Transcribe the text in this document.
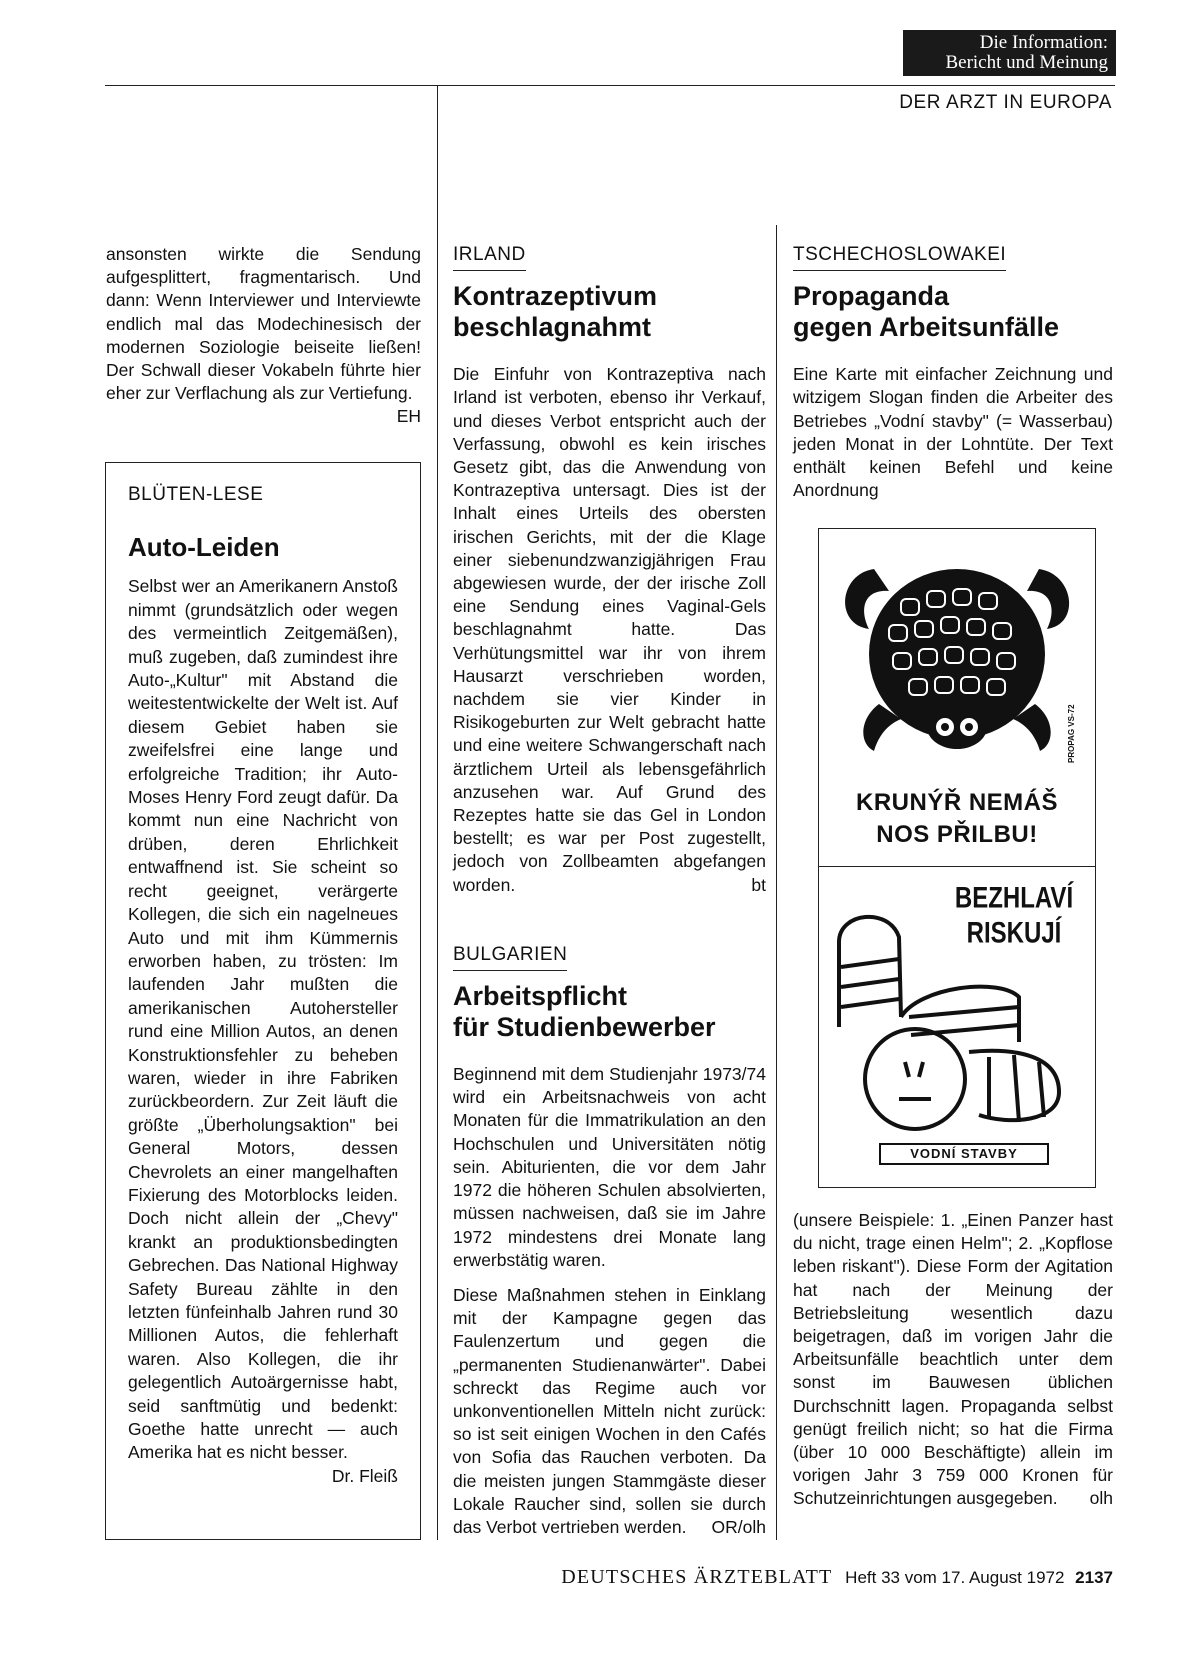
Die Information:
Bericht und Meinung
DER ARZT IN EUROPA

ansonsten wirkte die Sendung aufgesplittert, fragmentarisch. Und dann: Wenn Interviewer und Interviewte endlich mal das Modechinesisch der modernen Soziologie beiseite ließen! Der Schwall dieser Vokabeln führte hier eher zur Verflachung als zur Vertiefung.
EH

BLÜTEN-LESE
Auto-Leiden

Selbst wer an Amerikanern Anstoß nimmt (grundsätzlich oder wegen des vermeintlich Zeitgemäßen), muß zugeben, daß zumindest ihre Auto-„Kultur" mit Abstand die weitestentwickelte der Welt ist. Auf diesem Gebiet haben sie zweifelsfrei eine lange und erfolgreiche Tradition; ihr Auto-Moses Henry Ford zeugt dafür. Da kommt nun eine Nachricht von drüben, deren Ehrlichkeit entwaffnend ist. Sie scheint so recht geeignet, verärgerte Kollegen, die sich ein nagelneues Auto und mit ihm Kümmernis erworben haben, zu trösten: Im laufenden Jahr mußten die amerikanischen Autohersteller rund eine Million Autos, an denen Konstruktionsfehler zu beheben waren, wieder in ihre Fabriken zurückbeordern. Zur Zeit läuft die größte „Überholungsaktion" bei General Motors, dessen Chevrolets an einer mangelhaften Fixierung des Motorblocks leiden. Doch nicht allein der „Chevy" krankt an produktionsbedingten Gebrechen. Das National Highway Safety Bureau zählte in den letzten fünfeinhalb Jahren rund 30 Millionen Autos, die fehlerhaft waren. Also Kollegen, die ihr gelegentlich Autoärgernisse habt, seid sanftmütig und bedenkt: Goethe hatte unrecht — auch Amerika hat es nicht besser.

Dr. Fleiß

IRLAND
Kontrazeptivum
beschlagnahmt

Die Einfuhr von Kontrazeptiva nach Irland ist verboten, ebenso ihr Verkauf, und dieses Verbot entspricht auch der Verfassung, obwohl es kein irisches Gesetz gibt, das die Anwendung von Kontrazeptiva untersagt. Dies ist der Inhalt eines Urteils des obersten irischen Gerichts, mit der die Klage einer siebenundzwanzigjährigen Frau abgewiesen wurde, der der irische Zoll eine Sendung eines Vaginal-Gels beschlagnahmt hatte. Das Verhütungsmittel war ihr von ihrem Hausarzt verschrieben worden, nachdem sie vier Kinder in Risikogeburten zur Welt gebracht hatte und eine weitere Schwangerschaft nach ärztlichem Urteil als lebensgefährlich anzusehen war. Auf Grund des Rezeptes hatte sie das Gel in London bestellt; es war per Post zugestellt, jedoch von Zollbeamten abgefangen worden.	bt

BULGARIEN
Arbeitspflicht
für Studienbewerber

Beginnend mit dem Studienjahr 1973/74 wird ein Arbeitsnachweis von acht Monaten für die Immatrikulation an den Hochschulen und Universitäten nötig sein. Abiturienten, die vor dem Jahr 1972 die höheren Schulen absolvierten, müssen nachweisen, daß sie im Jahre 1972 mindestens drei Monate lang erwerbstätig waren.

Diese Maßnahmen stehen in Einklang mit der Kampagne gegen das Faulenzertum und gegen die „permanenten Studienanwärter". Dabei schreckt das Regime auch vor unkonventionellen Mitteln nicht zurück: so ist seit einigen Wochen in den Cafés von Sofia das Rauchen verboten. Da die meisten jungen Stammgäste dieser Lokale Raucher sind, sollen sie durch das Verbot vertrieben werden. OR/olh

TSCHECHOSLOWAKEI
Propaganda
gegen Arbeitsunfälle

Eine Karte mit einfacher Zeichnung und witzigem Slogan finden die Arbeiter des Betriebes „Vodní stavby" (= Wasserbau) jeden Monat in der Lohntüte. Der Text enthält keinen Befehl und keine Anordnung

(unsere Beispiele: 1. „Einen Panzer hast du nicht, trage einen Helm"; 2. „Kopflose leben riskant"). Diese Form der Agitation hat nach der Meinung der Betriebsleitung wesentlich dazu beigetragen, daß im vorigen Jahr die Arbeitsunfälle beachtlich unter dem sonst im Bauwesen üblichen Durchschnitt lagen. Propaganda selbst genügt freilich nicht; so hat die Firma (über 10 000 Beschäftigte) allein im vorigen Jahr 3 759 000 Kronen für Schutzeinrichtungen ausgegeben. olh

PROPAG VS-72
KRUNÝŘ NEMÁŠ
NOS PŘILBU!
BEZHLAVÍ
RISKUJÍ
VODNÍ STAVBY
DEUTSCHES ÄRZTEBLATT Heft 33 vom 17. August 1972 2137
